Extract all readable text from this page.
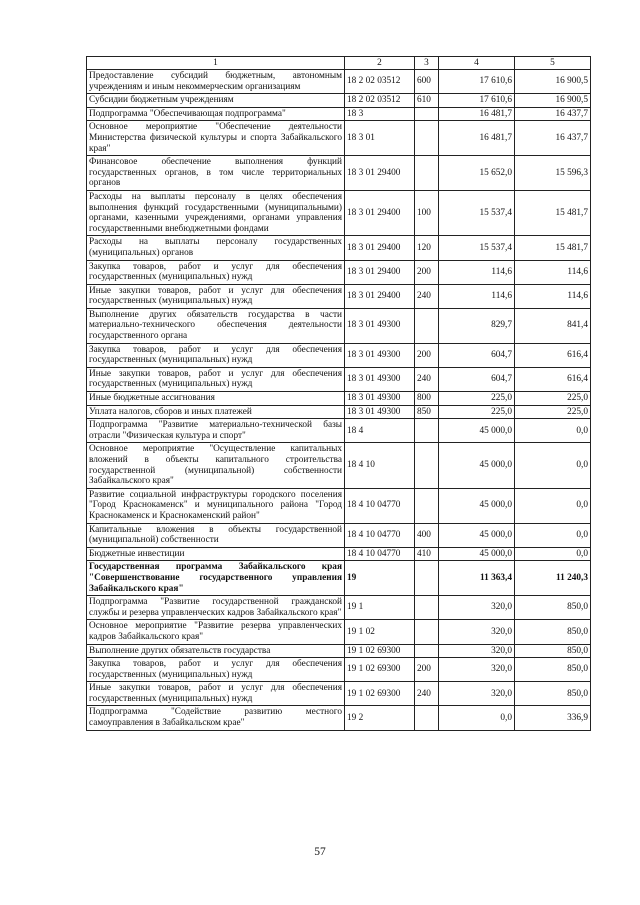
1	2	3	4	5
Предоставление субсидий бюджетным, автономным учреждениям и иным некоммерческим организациям	18 2 02 03512	600	17 610,6	16 900,5
Субсидии бюджетным учреждениям	18 2 02 03512	610	17 610,6	16 900,5
Подпрограмма "Обеспечивающая подпрограмма"	18 3		16 481,7	16 437,7
Основное мероприятие "Обеспечение деятельности Министерства физической культуры и спорта Забайкальского края"	18 3 01		16 481,7	16 437,7
Финансовое обеспечение выполнения функций государственных органов, в том числе территориальных органов	18 3 01 29400		15 652,0	15 596,3
Расходы на выплаты персоналу в целях обеспечения выполнения функций государственными (муниципальными) органами, казенными учреждениями, органами управления государственными внебюджетными фондами	18 3 01 29400	100	15 537,4	15 481,7
Расходы на выплаты персоналу государственных (муниципальных) органов	18 3 01 29400	120	15 537,4	15 481,7
Закупка товаров, работ и услуг для обеспечения государственных (муниципальных) нужд	18 3 01 29400	200	114,6	114,6
Иные закупки товаров, работ и услуг для обеспечения государственных (муниципальных) нужд	18 3 01 29400	240	114,6	114,6
Выполнение других обязательств государства в части материально-технического обеспечения деятельности государственного органа	18 3 01 49300		829,7	841,4
Закупка товаров, работ и услуг для обеспечения государственных (муниципальных) нужд	18 3 01 49300	200	604,7	616,4
Иные закупки товаров, работ и услуг для обеспечения государственных (муниципальных) нужд	18 3 01 49300	240	604,7	616,4
Иные бюджетные ассигнования	18 3 01 49300	800	225,0	225,0
Уплата налогов, сборов и иных платежей	18 3 01 49300	850	225,0	225,0
Подпрограмма "Развитие материально-технической базы отрасли "Физическая культура и спорт"	18 4		45 000,0	0,0
Основное мероприятие "Осуществление капитальных вложений в объекты капитального строительства государственной (муниципальной) собственности Забайкальского края"	18 4 10		45 000,0	0,0
Развитие социальной инфраструктуры городского поселения "Город Краснокаменск" и муниципального района "Город Краснокаменск и Краснокаменский район"	18 4 10 04770		45 000,0	0,0
Капитальные вложения в объекты государственной (муниципальной) собственности	18 4 10 04770	400	45 000,0	0,0
Бюджетные инвестиции	18 4 10 04770	410	45 000,0	0,0
Государственная программа Забайкальского края "Совершенствование государственного управления Забайкальского края"	19		11 363,4	11 240,3
Подпрограмма "Развитие государственной гражданской службы и резерва управленческих кадров Забайкальского края"	19 1		320,0	850,0
Основное мероприятие "Развитие резерва управленческих кадров Забайкальского края"	19 1 02		320,0	850,0
Выполнение других обязательств государства	19 1 02 69300		320,0	850,0
Закупка товаров, работ и услуг для обеспечения государственных (муниципальных) нужд	19 1 02 69300	200	320,0	850,0
Иные закупки товаров, работ и услуг для обеспечения государственных (муниципальных) нужд	19 1 02 69300	240	320,0	850,0
Подпрограмма "Содействие развитию местного самоуправления в Забайкальском крае"	19 2		0,0	336,9
57
